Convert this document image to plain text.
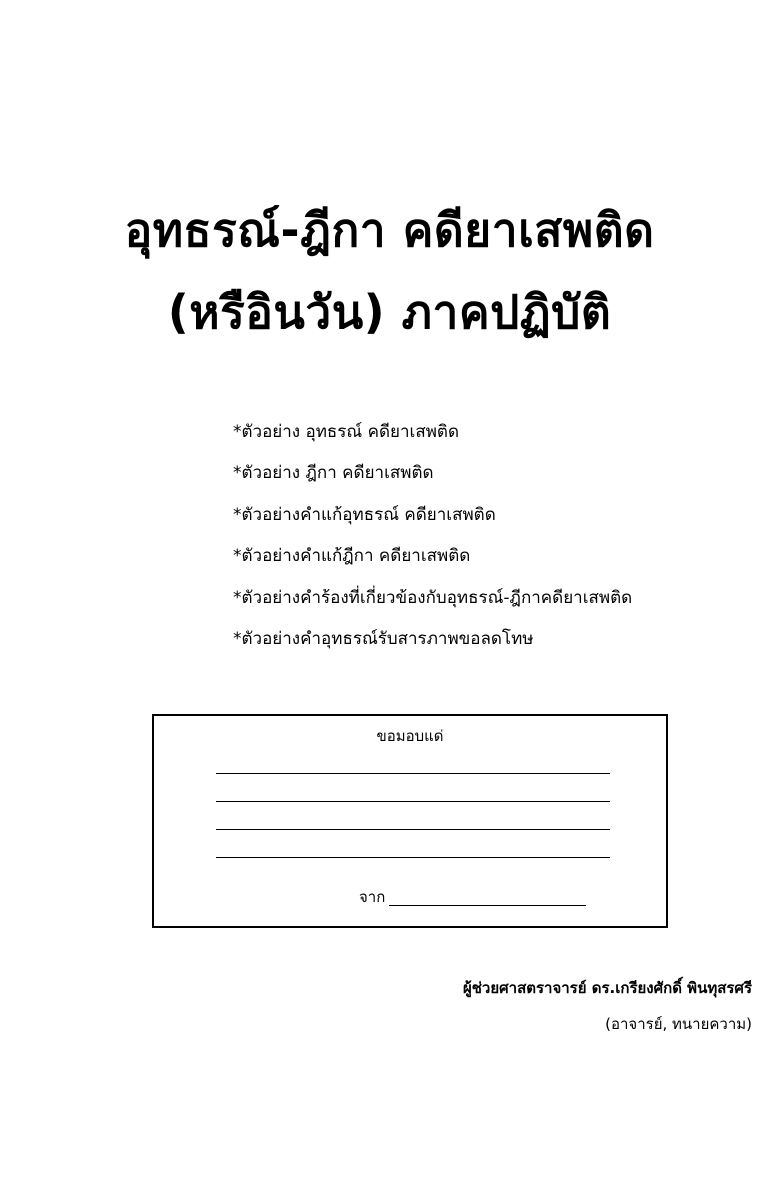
อุทธรณ์-ฎีกา คดียาเสพติด
(หรือินวัน) ภาคปฏิบัติ
*ตัวอย่าง อุทธรณ์ คดียาเสพติด
*ตัวอย่าง ฎีกา คดียาเสพติด
*ตัวอย่างคำแก้อุทธรณ์ คดียาเสพติด
*ตัวอย่างคำแก้ฎีกา คดียาเสพติด
*ตัวอย่างคำร้องที่เกี่ยวข้องกับอุทธรณ์-ฎีกาคดียาเสพติด
*ตัวอย่างคำอุทธรณ์รับสารภาพขอลดโทษ
ขอมอบแด่
จาก
ผู้ช่วยศาสตราจารย์ ดร.เกรียงศักดิ์ พินทุสรศรี
(อาจารย์, ทนายความ)
